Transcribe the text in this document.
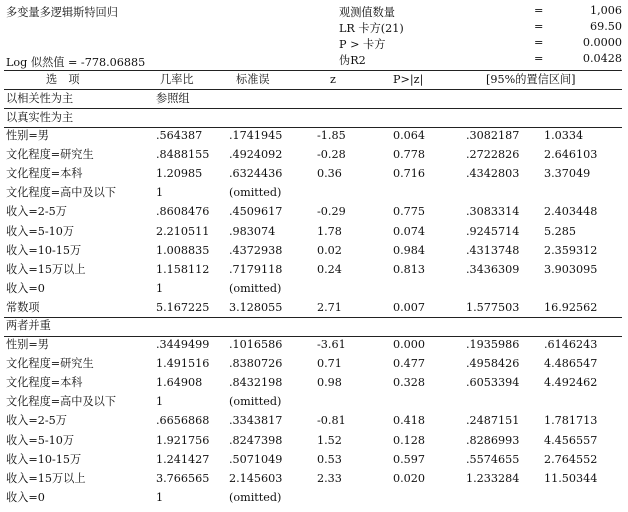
多变量多逻辑斯特回归	观测值数量	=	1,006
LR 卡方(21)	=	69.50
P > 卡方	=	0.0000
伪R2	=	0.0428
Log 似然值 = -778.06885
选　项	几率比	标准误	z	P>|z|	[95%的置信区间]
以相关性为主	参照组
以真实性为主
性别=男	.564387 .1741945	-1.85	0.064	.3082187 1.0334
文化程度=研究生	.8488155 .4924092	-0.28	0.778	.2722826 2.646103
文化程度=本科	1.20985 .6324436	0.36	0.716	.4342803 3.37049
文化程度=高中及以下	1	(omitted)
收入=2-5万	.8608476 .4509617	-0.29	0.775	.3083314 2.403448
收入=5-10万	2.210511 .983074	1.78	0.074	.9245714 5.285
收入=10-15万	1.008835 .4372938	0.02	0.984	.4313748 2.359312
收入=15万以上	1.158112 .7179118	0.24	0.813	.3436309 3.903095
收入=0	1	(omitted)
常数项	5.167225 3.128055	2.71	0.007	1.577503 16.92562
两者并重
性别=男	.3449499 .1016586	-3.61	0.000	.1935986 .6146243
文化程度=研究生	1.491516 .8380726	0.71	0.477	.4958426 4.486547
文化程度=本科	1.64908 .8432198	0.98	0.328	.6053394 4.492462
文化程度=高中及以下	1	(omitted)
收入=2-5万	.6656868 .3343817	-0.81	0.418	.2487151 1.781713
收入=5-10万	1.921756 .8247398	1.52	0.128	.8286993 4.456557
收入=10-15万	1.241427 .5071049	0.53	0.597	.5574655 2.764552
收入=15万以上	3.766565 2.145603	2.33	0.020	1.233284 11.50344
收入=0	1	(omitted)
